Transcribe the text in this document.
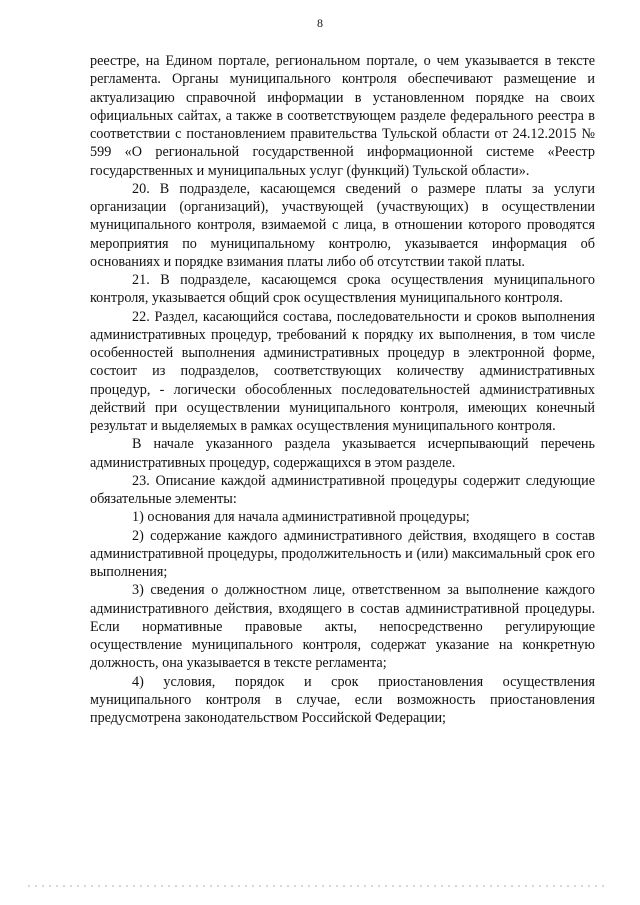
8

реестре, на Едином портале, региональном портале, о чем указывается в тексте регламента. Органы муниципального контроля обеспечивают размещение и актуализацию справочной информации в установленном порядке на своих официальных сайтах, а также в соответствующем разделе федерального реестра в соответствии с постановлением правительства Тульской области от 24.12.2015 № 599 «О региональной государственной информационной системе «Реестр государственных и муниципальных услуг (функций) Тульской области».

20. В подразделе, касающемся сведений о размере платы за услуги организации (организаций), участвующей (участвующих) в осуществлении муниципального контроля, взимаемой с лица, в отношении которого проводятся мероприятия по муниципальному контролю, указывается информация об основаниях и порядке взимания платы либо об отсутствии такой платы.

21. В подразделе, касающемся срока осуществления муниципального контроля, указывается общий срок осуществления муниципального контроля.

22. Раздел, касающийся состава, последовательности и сроков выполнения административных процедур, требований к порядку их выполнения, в том числе особенностей выполнения административных процедур в электронной форме, состоит из подразделов, соответствующих количеству административных процедур, - логически обособленных последовательностей административных действий при осуществлении муниципального контроля, имеющих конечный результат и выделяемых в рамках осуществления муниципального контроля.

В начале указанного раздела указывается исчерпывающий перечень административных процедур, содержащихся в этом разделе.

23. Описание каждой административной процедуры содержит следующие обязательные элементы:

1) основания для начала административной процедуры;

2) содержание каждого административного действия, входящего в состав административной процедуры, продолжительность и (или) максимальный срок его выполнения;

3) сведения о должностном лице, ответственном за выполнение каждого административного действия, входящего в состав административной процедуры. Если нормативные правовые акты, непосредственно регулирующие осуществление муниципального контроля, содержат указание на конкретную должность, она указывается в тексте регламента;

4) условия, порядок и срок приостановления осуществления муниципального контроля в случае, если возможность приостановления предусмотрена законодательством Российской Федерации;
